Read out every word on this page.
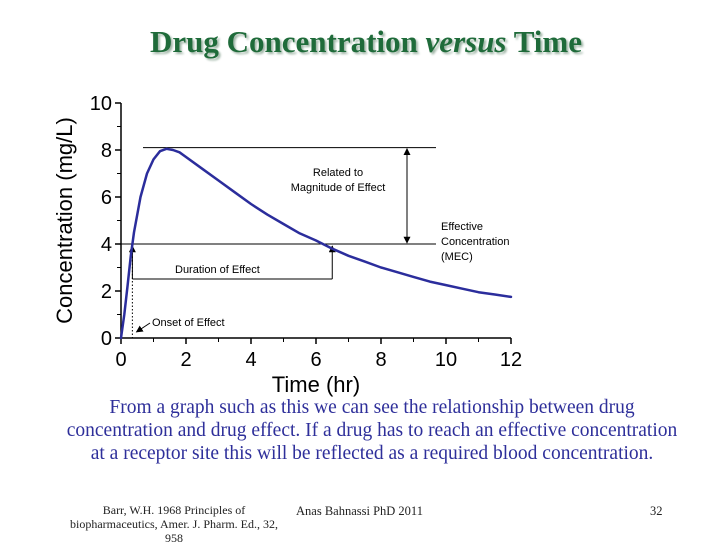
Drug Concentration versus Time
0
2
4
6
8
10
0	2	4	6	8 10 12
Time (hr)
Concentration (mg/L)	Related to Magnitude of Effect
Effective Concentration (MEC)
Duration of Effect
Onset of Effect
From a graph such as this we can see the relationship between drug concentration and drug effect. If a drug has to reach an effective concentration at a receptor site this will be reflected as a required blood concentration.
Barr, W.H. 1968 Principles of biopharmaceutics, Amer. J. Pharm. Ed., 32, 958
Anas Bahnassi PhD 2011	32
